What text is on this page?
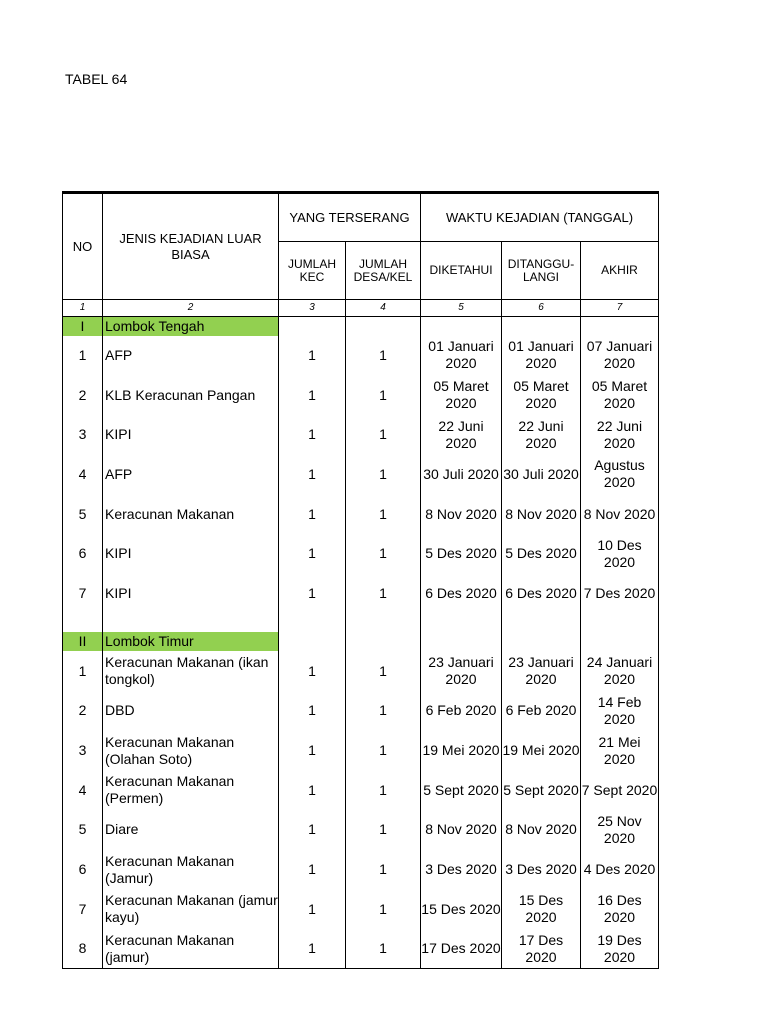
TABEL 64
NO	JENIS KEJADIAN LUAR BIASA	YANG TERSERANG		WAKTU KEJADIAN (TANGGAL)		
		JUMLAH KEC	JUMLAH DESA/KEL	DIKETAHUI	DITANGGU-LANGI	AKHIR
1	2	3	4	5	6	7
I	Lombok Tengah					
1	AFP	1	1	01 Januari 2020	01 Januari 2020	07 Januari 2020
2	KLB Keracunan Pangan	1	1	05 Maret 2020	05 Maret 2020	05 Maret 2020
3	KIPI	1	1	22 Juni 2020	22 Juni 2020	22 Juni 2020
4	AFP	1	1	30 Juli 2020	30 Juli 2020	Agustus 2020
5	Keracunan Makanan	1	1	8 Nov 2020	8 Nov 2020	8 Nov 2020
6	KIPI	1	1	5 Des 2020	5 Des 2020	10 Des 2020
7	KIPI	1	1	6 Des 2020	6 Des 2020	7 Des 2020

II	Lombok Timur					
1	Keracunan Makanan (ikan tongkol)	1	1	23 Januari 2020	23 Januari 2020	24 Januari 2020
2	DBD	1	1	6 Feb 2020	6 Feb 2020	14 Feb 2020
3	Keracunan Makanan (Olahan Soto)	1	1	19 Mei 2020	19 Mei 2020	21 Mei 2020
4	Keracunan Makanan (Permen)	1	1	5 Sept 2020	5 Sept 2020	7 Sept 2020
5	Diare	1	1	8 Nov 2020	8 Nov 2020	25 Nov 2020
6	Keracunan Makanan (Jamur)	1	1	3 Des 2020	3 Des 2020	4 Des 2020
7	Keracunan Makanan (jamur kayu)	1	1	15 Des 2020	15 Des 2020	16 Des 2020
8	Keracunan Makanan (jamur)	1	1	17 Des 2020	17 Des 2020	19 Des 2020
